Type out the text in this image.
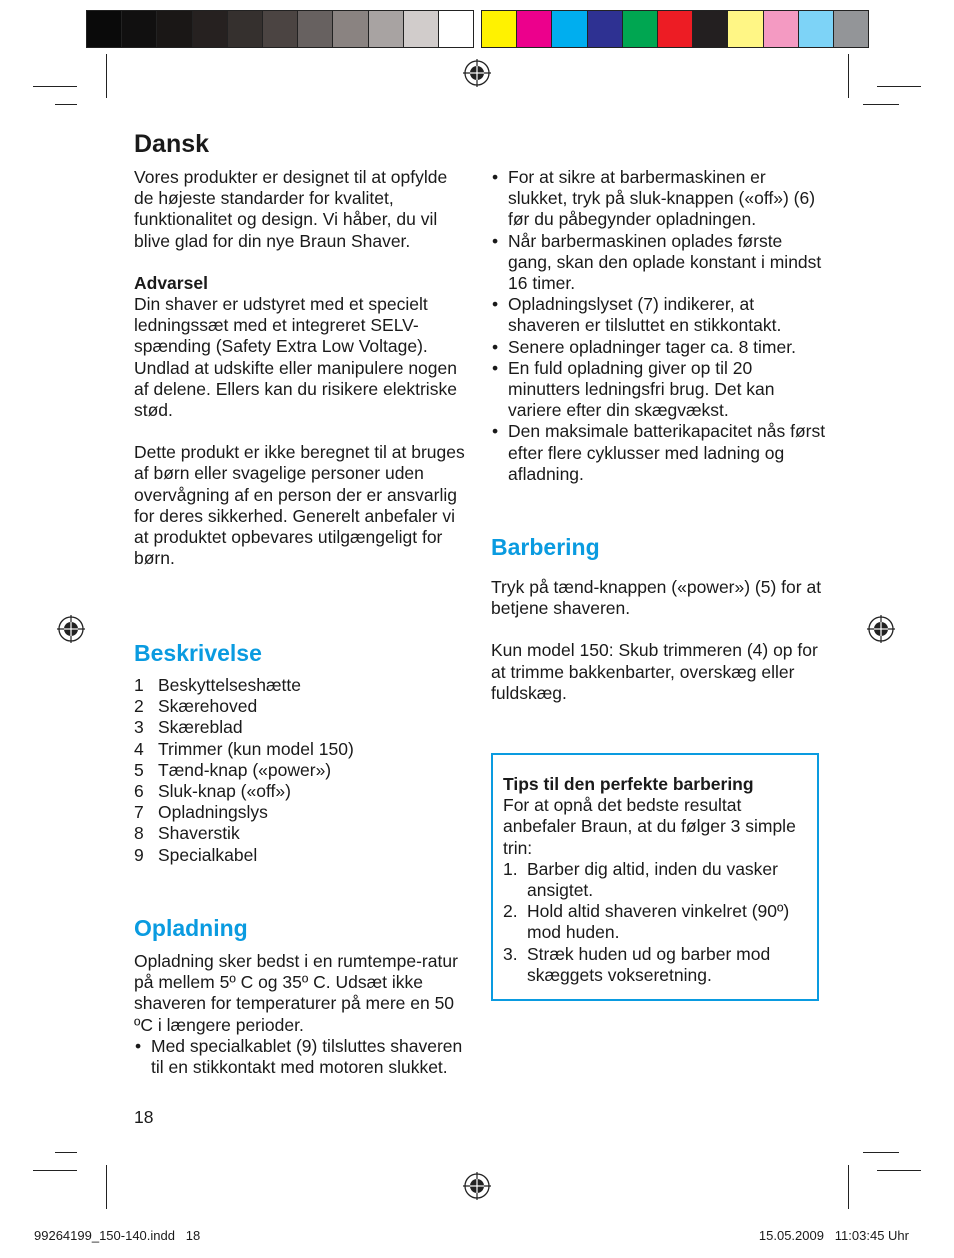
Dansk

Vores produkter er designet til at opfylde de højeste standarder for kvalitet, funktionalitet og design. Vi håber, du vil blive glad for din nye Braun Shaver.

Advarsel

Din shaver er udstyret med et specielt ledningssæt med et integreret SELV-spænding (Safety Extra Low Voltage). Undlad at udskifte eller manipulere nogen af delene. Ellers kan du risikere elektriske stød.

Dette produkt er ikke beregnet til at bruges af børn eller svagelige personer uden overvågning af en person der er ansvarlig for deres sikkerhed. Generelt anbefaler vi at produktet opbevares utilgængeligt for børn.

Beskrivelse
1 Beskyttelseshætte
2 Skærehoved
3 Skæreblad
4 Trimmer (kun model 150)
5 Tænd-knap («power»)
6 Sluk-knap («off»)
7 Opladningslys
8 Shaverstik
9 Specialkabel
Opladning

Opladning sker bedst i en rumtempe-ratur på mellem 5º C og 35º C. Udsæt ikke shaveren for temperaturer på mere en 50 ºC i længere perioder.

• Med specialkablet (9) tilsluttes shaveren til en stikkontakt med motoren slukket.
18
• For at sikre at barbermaskinen er slukket, tryk på sluk-knappen («off») (6) før du påbegynder opladningen.
• Når barbermaskinen oplades første gang, skan den oplade konstant i mindst 16 timer.
• Opladningslyset (7) indikerer, at shaveren er tilsluttet en stikkontakt.
• Senere opladninger tager ca. 8 timer.
• En fuld opladning giver op til 20 minutters ledningsfri brug. Det kan variere efter din skægvækst.
• Den maksimale batterikapacitet nås først efter flere cyklusser med ladning og afladning.
Barbering

Tryk på tænd-knappen («power») (5) for at betjene shaveren.

Kun model 150: Skub trimmeren (4) op for at trimme bakkenbarter, overskæg eller fuldskæg.

Tips til den perfekte barbering

For at opnå det bedste resultat anbefaler Braun, at du følger 3 simple trin:

1. Barber dig altid, inden du vasker ansigtet.
2. Hold altid shaveren vinkelret (90º) mod huden.
3. Stræk huden ud og barber mod skæggets vokseretning.
99264199_150-140.indd   18	15.05.2009   11:03:45 Uhr
